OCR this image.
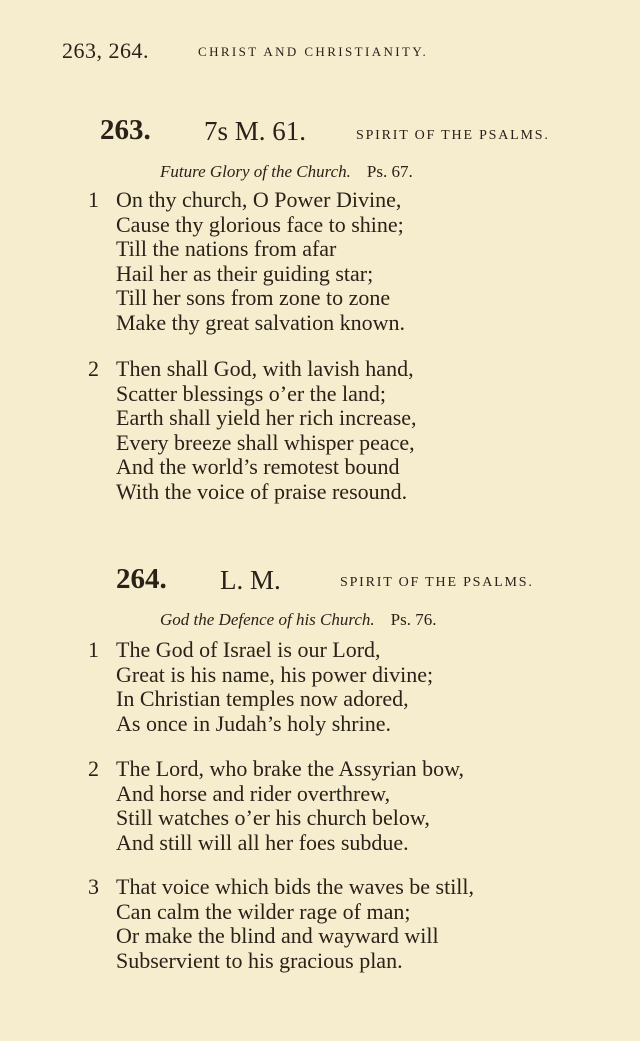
263, 264.	CHRIST AND CHRISTIANITY.
263. 7s M. 61.	SPIRIT OF THE PSALMS.
Future Glory of the Church. Ps. 67.
1 On thy church, O Power Divine,
Cause thy glorious face to shine;
Till the nations from afar
Hail her as their guiding star;
Till her sons from zone to zone
Make thy great salvation known.
2 Then shall God, with lavish hand,
Scatter blessings o’er the land;
Earth shall yield her rich increase,
Every breeze shall whisper peace,
And the world’s remotest bound
With the voice of praise resound.
264. L. M.	SPIRIT OF THE PSALMS.
God the Defence of his Church. Ps. 76.
1 The God of Israel is our Lord,
Great is his name, his power divine;
In Christian temples now adored,
As once in Judah’s holy shrine.
2 The Lord, who brake the Assyrian bow,
And horse and rider overthrew,
Still watches o’er his church below,
And still will all her foes subdue.
3 That voice which bids the waves be still,
Can calm the wilder rage of man;
Or make the blind and wayward will
Subservient to his gracious plan.
